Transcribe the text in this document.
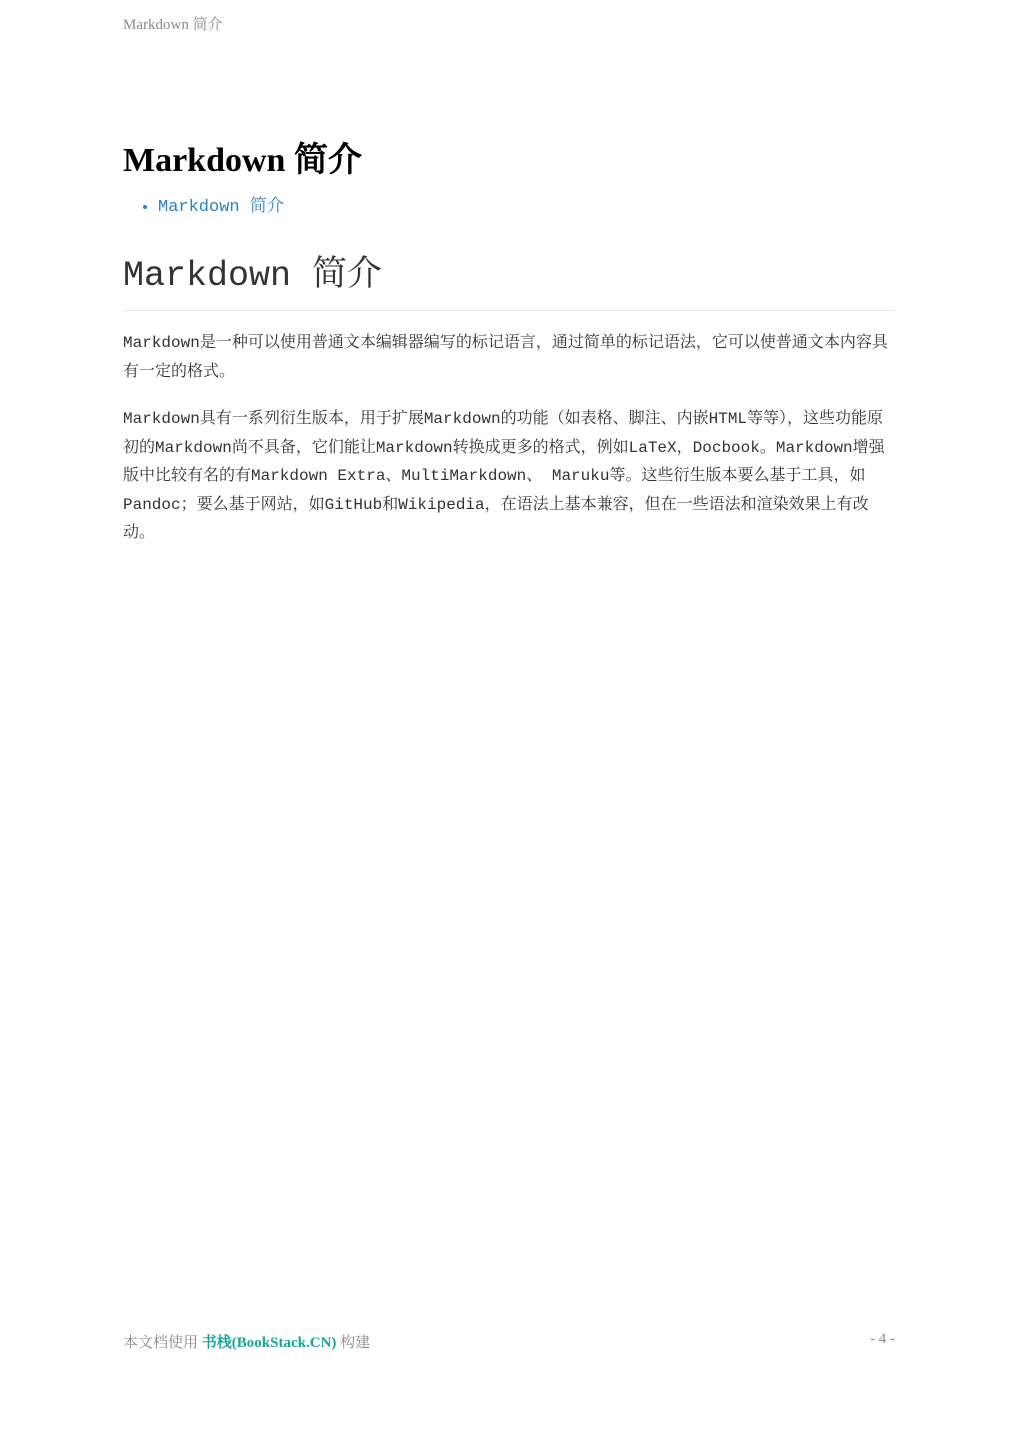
Markdown 简介
Markdown 简介
• Markdown 简介
Markdown 简介

Markdown是一种可以使用普通文本编辑器编写的标记语言，通过简单的标记语法，它可以使普通文本内容具有一定的格式。

Markdown具有一系列衍生版本，用于扩展Markdown的功能（如表格、脚注、内嵌HTML等等），这些功能原初的Markdown尚不具备，它们能让Markdown转换成更多的格式，例如LaTeX，Docbook。Markdown增强版中比较有名的有Markdown Extra、MultiMarkdown、 Maruku等。这些衍生版本要么基于工具，如Pandoc；要么基于网站，如GitHub和Wikipedia，在语法上基本兼容，但在一些语法和渲染效果上有改动。

本文档使用 书栈(BookStack.CN) 构建	- 4 -
